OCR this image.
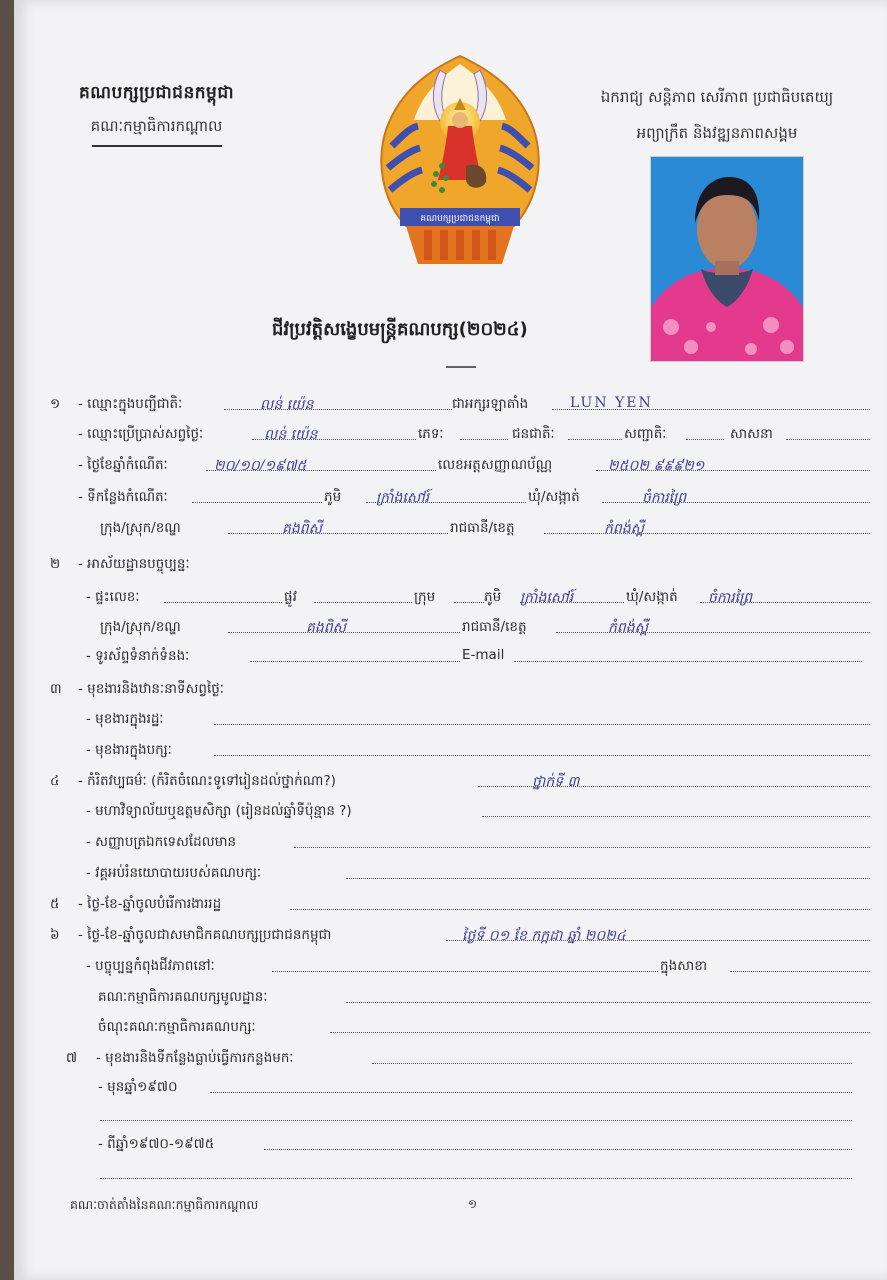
គណបក្សប្រជាជនកម្ពុជា
គណៈកម្មាធិការកណ្តាល
គណបក្សប្រជាជនកម្ពុជា
ឯករាជ្យ សន្តិភាព សេរីភាព ប្រជាធិបតេយ្យ
អព្យាក្រឹត និងវឌ្ឍនភាពសង្គម
ជីវប្រវត្តិសង្ខេបមន្រ្តីគណបក្ស(២០២៤)
១ - ឈ្មោះក្នុងបញ្ជីជាតិៈ	លន់ យ៉េន	ជាអក្សរឡាតាំង	LUN YEN
- ឈ្មោះប្រើប្រាស់សព្វថ្ងៃៈ	លន់ យ៉េន	ភេទៈ	ជនជាតិៈ	សញ្ជាតិៈ	សាសនា
- ថ្ងៃខែឆ្នាំកំណើតៈ	២០/១០/១៩៧៥	លេខអត្តសញ្ញាណប័ណ្ណ	២៥០២ ៩៩៩២១
- ទីកន្លែងកំណើតៈ	ភូមិ ក្រាំងសៅរ៍	ឃុំ/សង្កាត់	ចំការព្រៃ
ក្រុង/ស្រុក/ខណ្ឌ	គងពិសី	រាជធានី/ខេត្ត	កំពង់ស្ពឺ
២ - អាស័យដ្ឋានបច្ចុប្បន្នៈ
- ផ្ទះលេខៈ	ផ្លូវ	ក្រុម	ភូមិ ក្រាំងសៅរ៍	ឃុំ/សង្កាត់ ចំការព្រៃ
ក្រុង/ស្រុក/ខណ្ឌ	គងពិសី	រាជធានី/ខេត្ត	កំពង់ស្ពឺ
- ទូរស័ព្ទទំនាក់ទំនងៈ	E-mail
៣ - មុខងារនិងឋានៈនាទីសព្វថ្ងៃៈ
- មុខងារក្នុងរដ្ឋៈ
- មុខងារក្នុងបក្សៈ
៤ - កំរិតវប្បធម៌ៈ (កំរិតចំណេះទូទៅរៀនដល់ថ្នាក់ណា?)	ថ្នាក់ទី ៣
- មហាវិទ្យាល័យឬឧត្តមសិក្សា (រៀនដល់ឆ្នាំទីប៉ុន្មាន ?)
- សញ្ញាបត្រឯកទេសដែលមាន
- វគ្គអប់រំនយោបាយរបស់គណបក្សៈ
៥ - ថ្ងៃ-ខែ-ឆ្នាំចូលបំរើការងាររដ្ឋ
៦ - ថ្ងៃ-ខែ-ឆ្នាំចូលជាសមាជិកគណបក្សប្រជាជនកម្ពុជា	ថ្ងៃទី ០១ ខែ កក្កដា ឆ្នាំ ២០២៤
- បច្ចុប្បន្នកំពុងជីវភាពនៅៈ	ក្នុងសាខា
គណៈកម្មាធិការគណបក្សមូលដ្ឋានៈ
ចំណុះគណៈកម្មាធិការគណបក្សៈ
៧ - មុខងារនិងទីកន្លែងធ្លាប់ធ្វើការកន្លងមកៈ
- មុនឆ្នាំ១៩៧០
- ពីឆ្នាំ១៩៧០-១៩៧៥
គណៈចាត់តាំងនៃគណៈកម្មាធិការកណ្តាល	១
